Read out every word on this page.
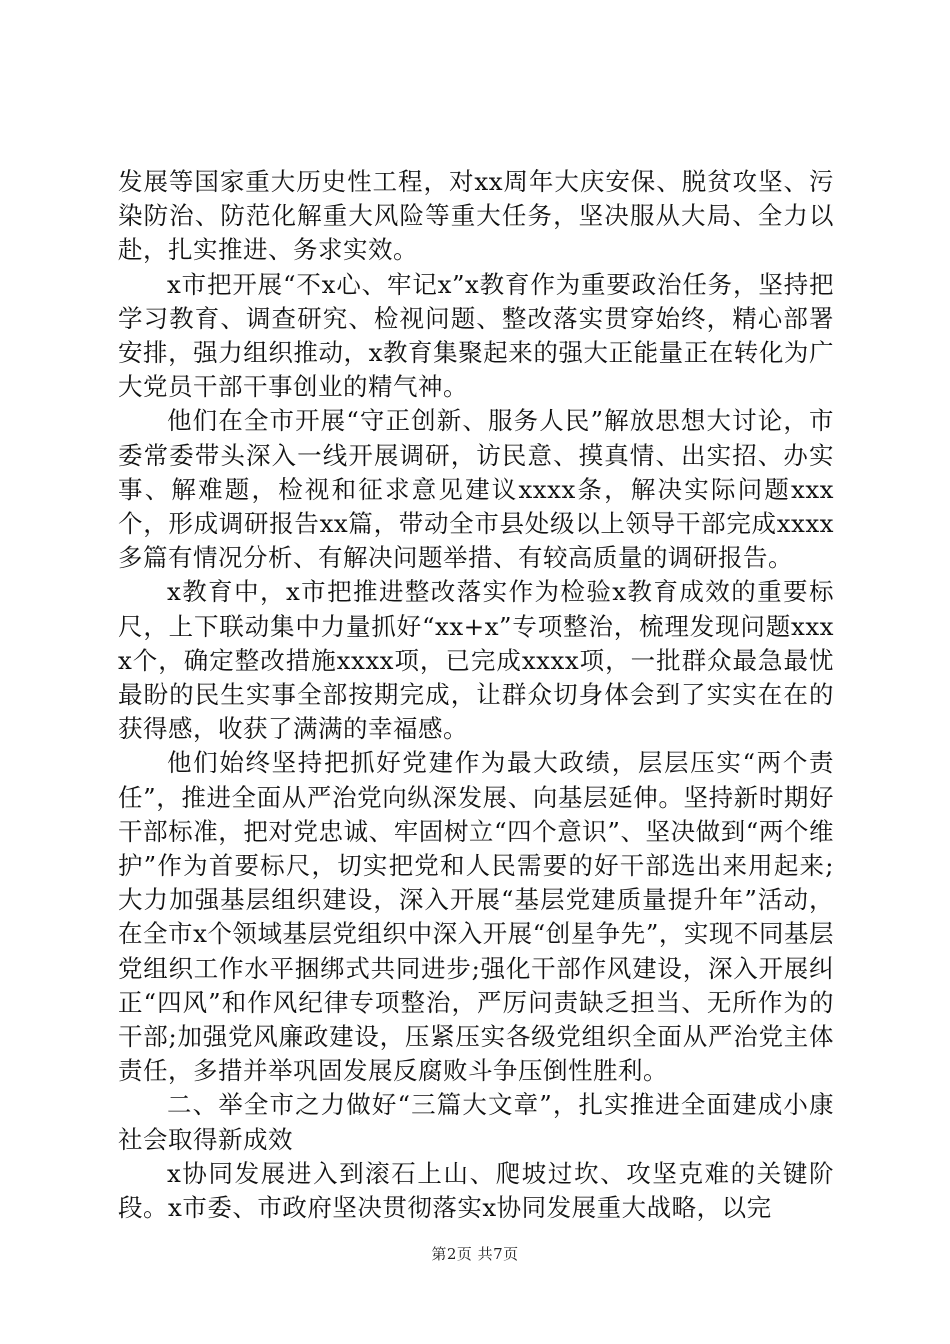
发展等国家重大历史性工程，对xx周年大庆安保、脱贫攻坚、污染防治、防范化解重大风险等重大任务，坚决服从大局、全力以赴，扎实推进、务求实效。

x市把开展“不x心、牢记x”x教育作为重要政治任务，坚持把学习教育、调查研究、检视问题、整改落实贯穿始终，精心部署安排，强力组织推动，x教育集聚起来的强大正能量正在转化为广大党员干部干事创业的精气神。

他们在全市开展“守正创新、服务人民”解放思想大讨论，市委常委带头深入一线开展调研，访民意、摸真情、出实招、办实事、解难题，检视和征求意见建议xxxx条，解决实际问题xxx个，形成调研报告xx篇，带动全市县处级以上领导干部完成xxxx多篇有情况分析、有解决问题举措、有较高质量的调研报告。

x教育中，x市把推进整改落实作为检验x教育成效的重要标尺，上下联动集中力量抓好“xx+x”专项整治，梳理发现问题xxxx个，确定整改措施xxxx项，已完成xxxx项，一批群众最急最忧最盼的民生实事全部按期完成，让群众切身体会到了实实在在的获得感，收获了满满的幸福感。

他们始终坚持把抓好党建作为最大政绩，层层压实“两个责任”，推进全面从严治党向纵深发展、向基层延伸。坚持新时期好干部标准，把对党忠诚、牢固树立“四个意识”、坚决做到“两个维护”作为首要标尺，切实把党和人民需要的好干部选出来用起来;大力加强基层组织建设，深入开展“基层党建质量提升年”活动，在全市x个领域基层党组织中深入开展“创星争先”，实现不同基层党组织工作水平捆绑式共同进步;强化干部作风建设，深入开展纠正“四风”和作风纪律专项整治，严厉问责缺乏担当、无所作为的干部;加强党风廉政建设，压紧压实各级党组织全面从严治党主体责任，多措并举巩固发展反腐败斗争压倒性胜利。

二、举全市之力做好“三篇大文章”，扎实推进全面建成小康社会取得新成效

x协同发展进入到滚石上山、爬坡过坎、攻坚克难的关键阶段。x市委、市政府坚决贯彻落实x协同发展重大战略，以完

第2页 共7页
